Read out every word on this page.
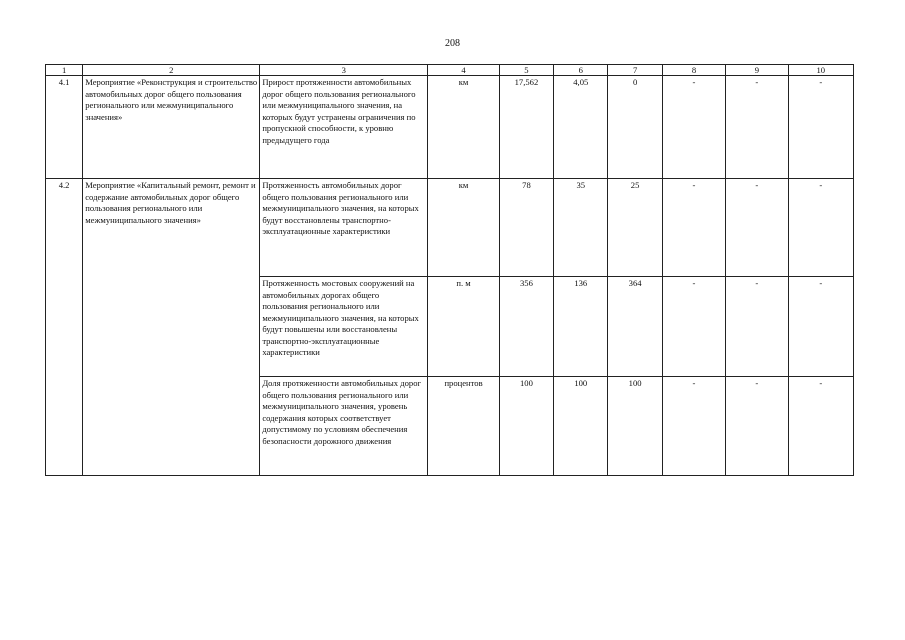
208
1	2	3	4	5	6	7	8	9	10
4.1	Мероприятие «Реконструкция и строительство автомобильных дорог общего пользования регионального или межмуниципального значения»	Прирост протяженности автомобильных дорог общего пользования регионального или межмуниципального значения, на которых будут устранены ограничения по пропускной способности, к уровню предыдущего года	км	17,562	4,05	0	-	-	-
4.2	Мероприятие «Капитальный ремонт, ремонт и содержание автомобильных дорог общего пользования регионального или межмуниципального значения»	Протяженность автомобильных дорог общего пользования регионального или межмуниципального значения, на которых будут восстановлены транспортно-эксплуатационные характеристики	км	78	35	25	-	-	-
		Протяженность мостовых сооружений на автомобильных дорогах общего пользования регионального или межмуниципального значения, на которых будут повышены или восстановлены транспортно-эксплуатационные характеристики	п. м	356	136	364	-	-	-
		Доля протяженности автомобильных дорог общего пользования регионального или межмуниципального значения, уровень содержания которых соответствует допустимому по условиям обеспечения безопасности дорожного движения	процентов	100	100	100	-	-	-
